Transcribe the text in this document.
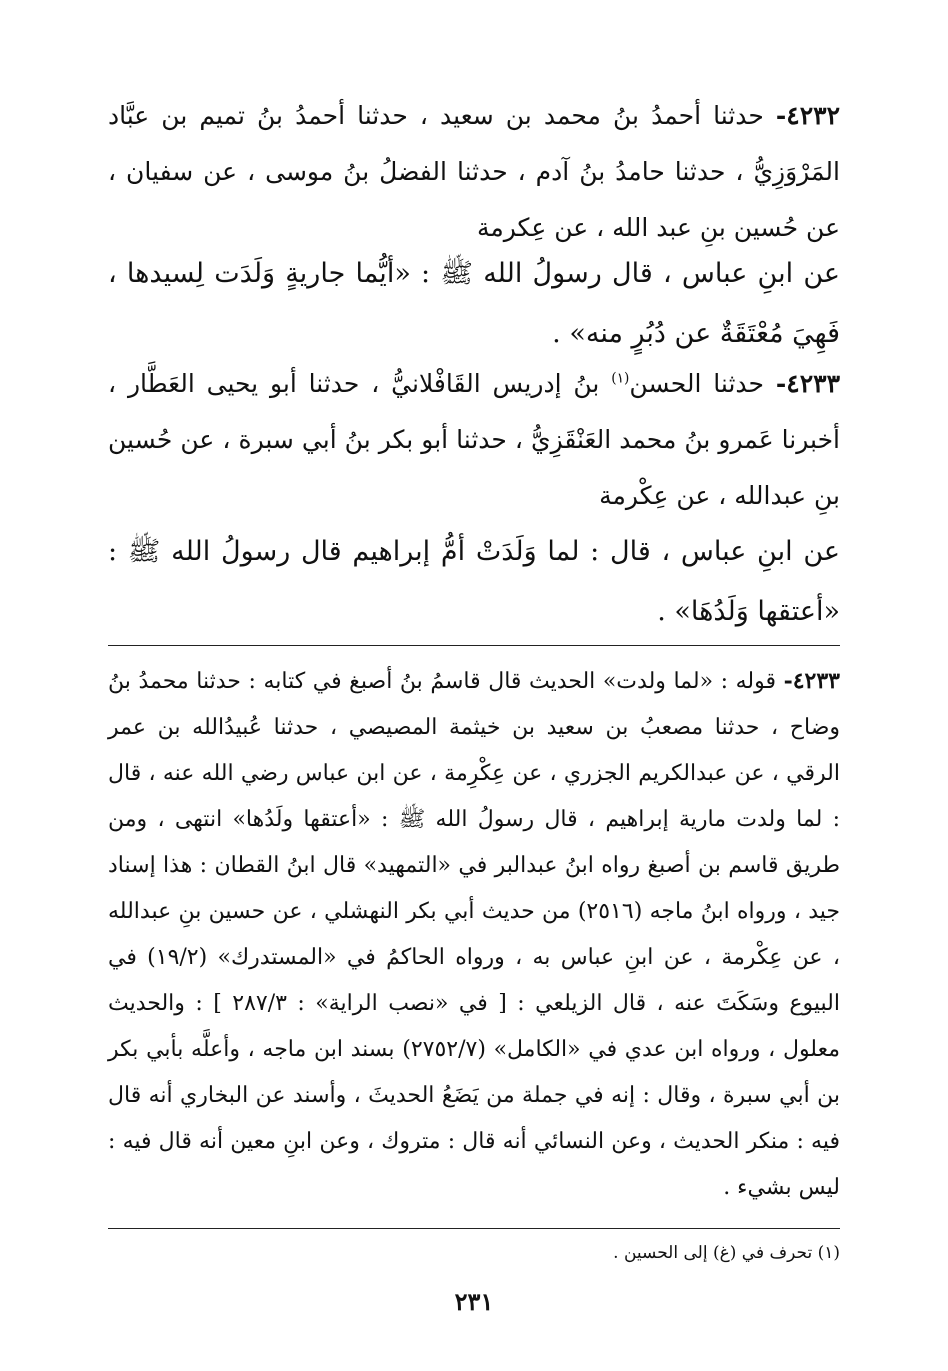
٤٢٣٢- حدثنا أحمدُ بنُ محمد بن سعيد ، حدثنا أحمدُ بنُ تميم بن عبَّاد المَرْوَزِيُّ ، حدثنا حامدُ بنُ آدم ، حدثنا الفضلُ بنُ موسى ، عن سفيان ، عن حُسين بنِ عبد الله ، عن عِكرمة
عن ابنِ عباس ، قال رسولُ الله ﷺ : «أيُّما جاريةٍ وَلَدَت لِسيدها ، فَهِيَ مُعْتَقَةٌ عن دُبُرٍ منه» .
٤٢٣٣- حدثنا الحسن$^{(١)}$ بنُ إدريس القَافْلانيُّ ، حدثنا أبو يحيى العَطَّار ، أخبرنا عَمرو بنُ محمد العَنْقَزِيُّ ، حدثنا أبو بكر بنُ أبي سبرة ، عن حُسين بنِ عبدالله ، عن عِكْرمة
عن ابنِ عباس ، قال : لما وَلَدَتْ أمُّ إبراهيم قال رسولُ الله ﷺ : «أعتقها وَلَدُهَا» .
٤٢٣٣- قوله : «لما ولدت» الحديث قال قاسمُ بنُ أصبغ في كتابه : حدثنا محمدُ بنُ وضاح ، حدثنا مصعبُ بن سعيد بن خيثمة المصيصي ، حدثنا عُبيدُالله بن عمر الرقي ، عن عبدالكريم الجزري ، عن عِكْرِمة ، عن ابن عباس رضي الله عنه ، قال : لما ولدت مارية إبراهيم ، قال رسولُ الله ﷺ : «أعتقها ولَدُها» انتهى ، ومن طريق قاسم بن أصبغ رواه ابنُ عبدالبر في «التمهيد» قال ابنُ القطان : هذا إسناد جيد ، ورواه ابنُ ماجه (٢٥١٦) من حديث أبي بكر النهشلي ، عن حسين بنِ عبدالله ، عن عِكْرمة ، عن ابنِ عباس به ، ورواه الحاكمُ في «المستدرك» (١٩/٢) في البيوع وسَكَتَ عنه ، قال الزيلعي : [ في «نصب الراية» : ٢٨٧/٣ ] : والحديث معلول ، ورواه ابن عدي في «الكامل» (٢٧٥٢/٧) بسند ابن ماجه ، وأعلَّه بأبي بكر بن أبي سبرة ، وقال : إنه في جملة من يَضَعُ الحديثَ ، وأسند عن البخاري أنه قال فيه : منكر الحديث ، وعن النسائي أنه قال : متروك ، وعن ابنِ معين أنه قال فيه : ليس بشيء .
(١) تحرف في (غ) إلى الحسين .
٢٣١
